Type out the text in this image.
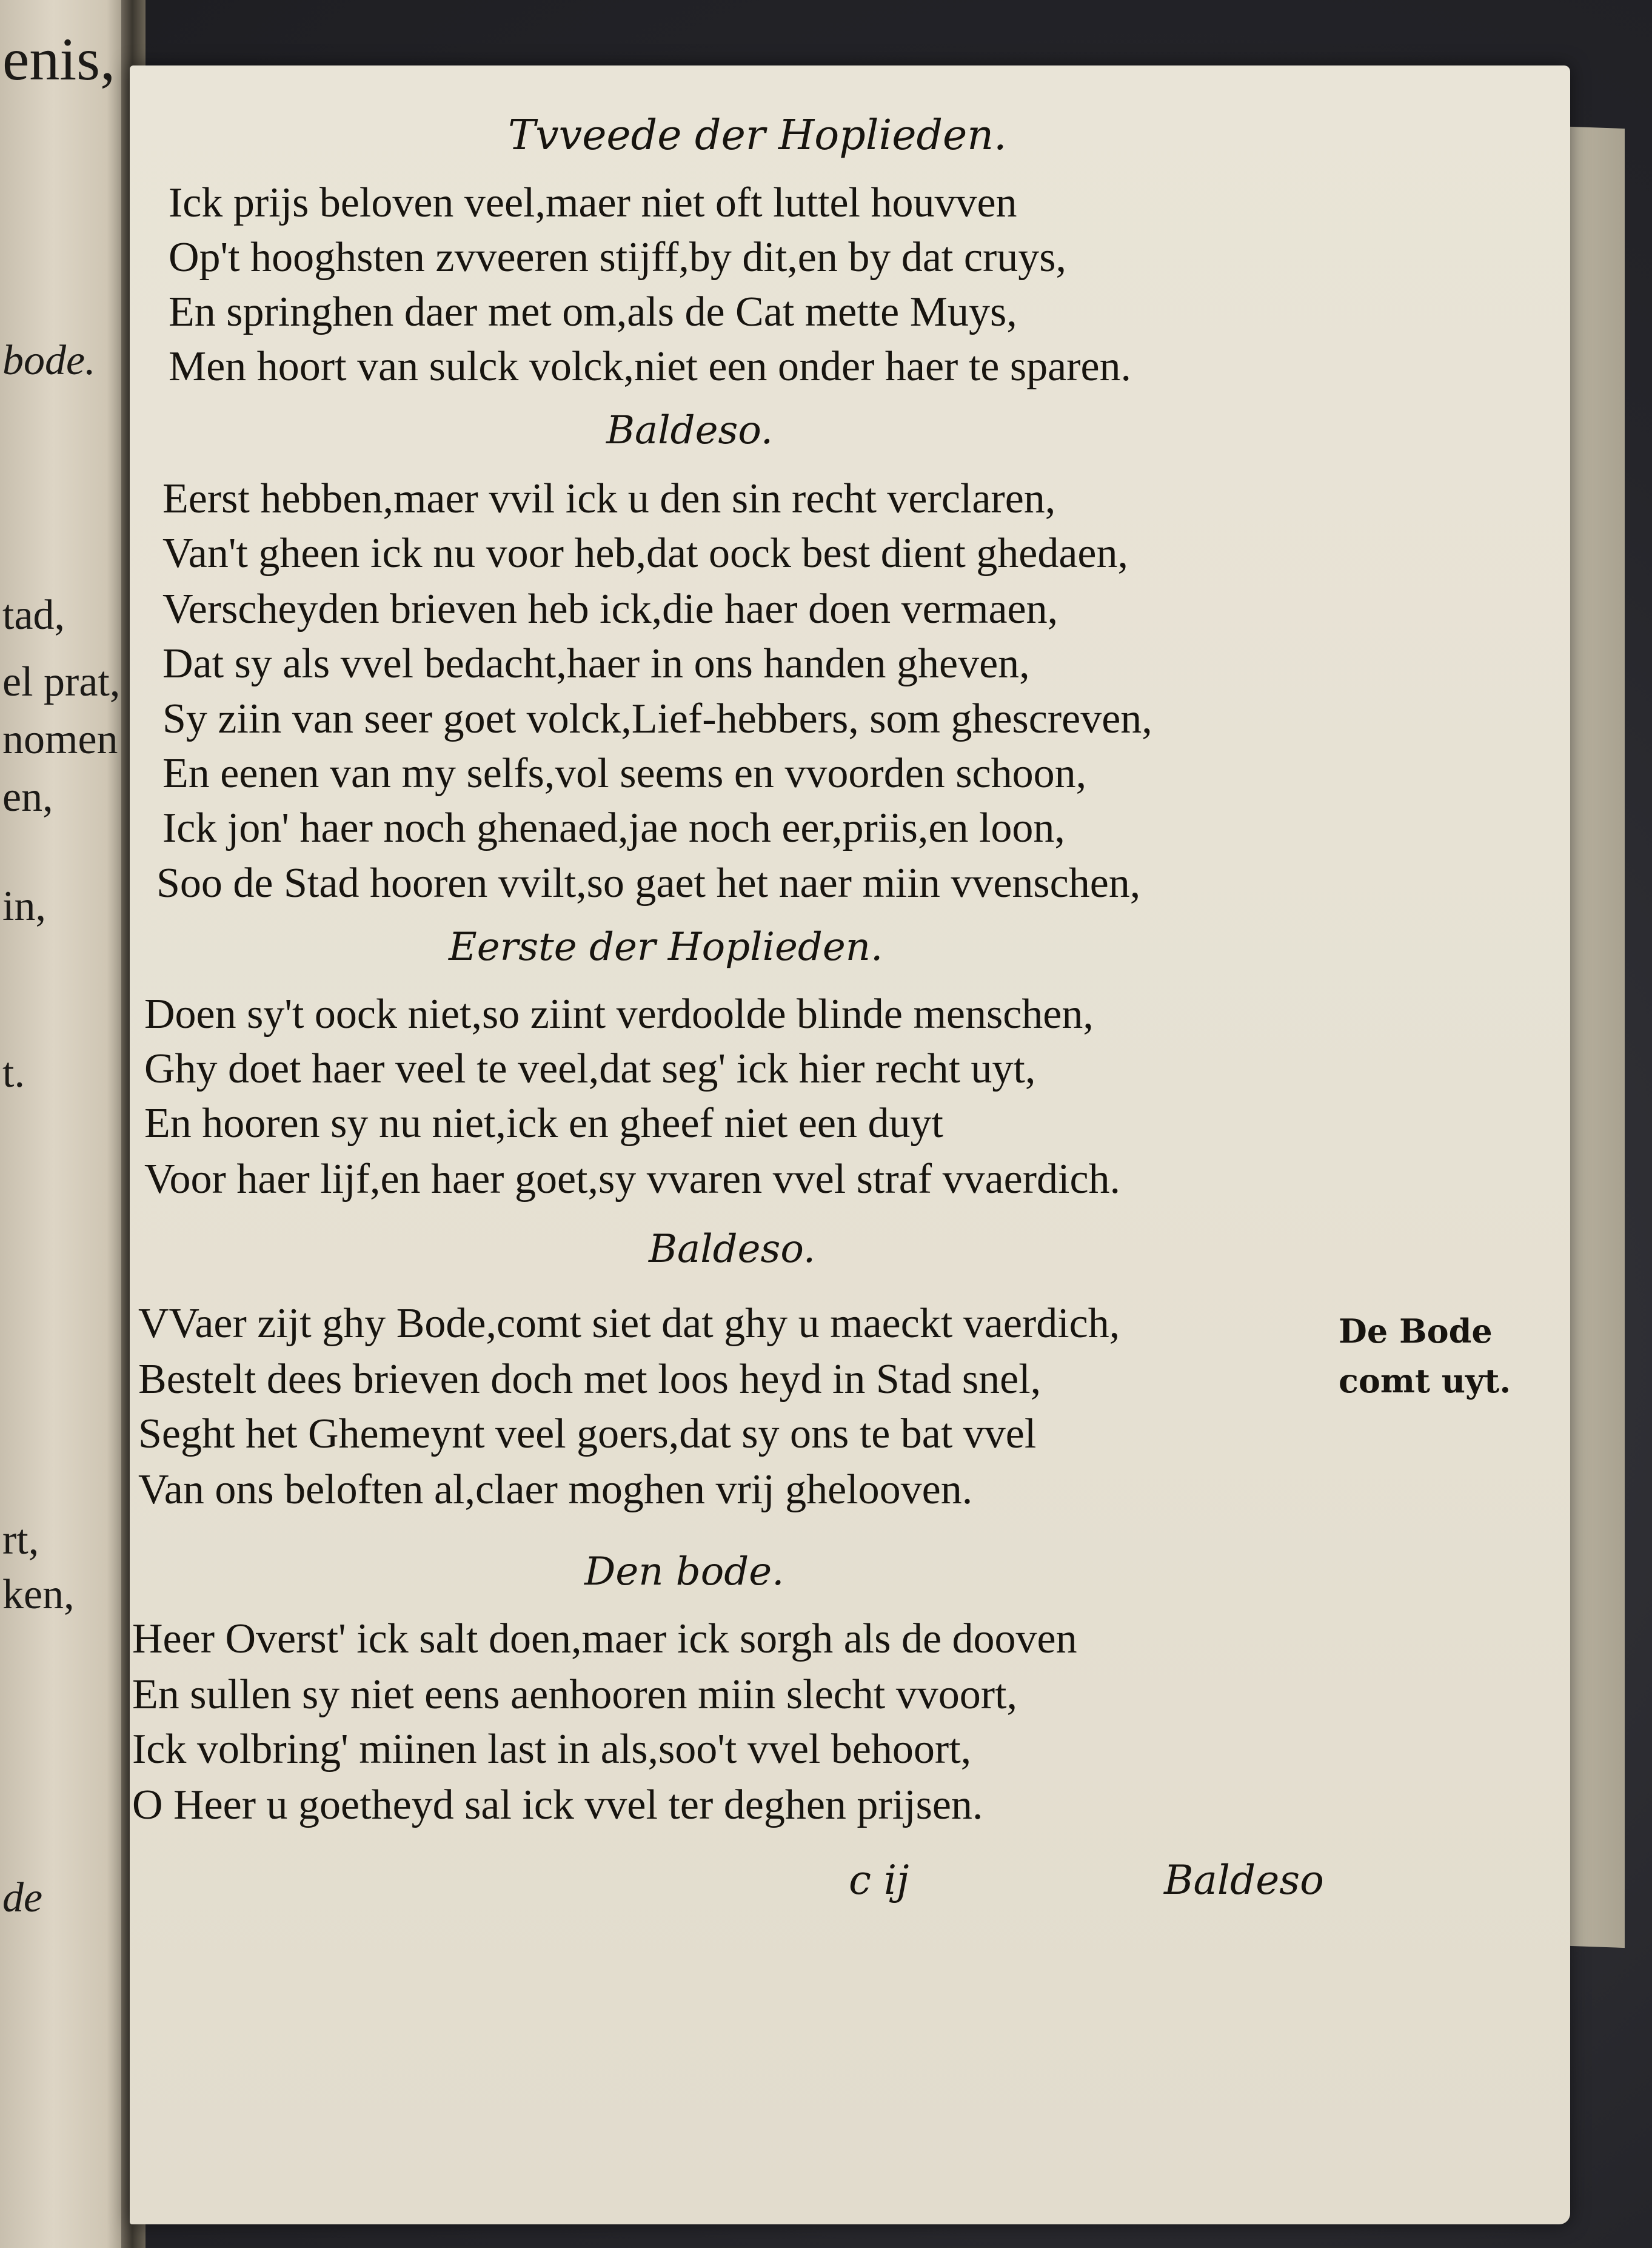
enis,
bode.
tad,
el prat,
nomen
en,
in,
t.
rt,
ken,
de
Tvveede der Hoplieden.
Ick prijs beloven veel,maer niet oft luttel houvven
Op't hooghsten zvveeren stijff,by dit,en by dat cruys,
En springhen daer met om,als de Cat mette Muys,
Men hoort van sulck volck,niet een onder haer te sparen.
Baldeso.
Eerst hebben,maer vvil ick u den sin recht verclaren,
Van't gheen ick nu voor heb,dat oock best dient ghedaen,
Verscheyden brieven heb ick,die haer doen vermaen,
Dat sy als vvel bedacht,haer in ons handen gheven,
Sy ziin van seer goet volck,Lief-hebbers, som ghescreven,
En eenen van my selfs,vol seems en vvoorden schoon,
Ick jon' haer noch ghenaed,jae noch eer,priis,en loon,
Soo de Stad hooren vvilt,so gaet het naer miin vvenschen,
Eerste der Hoplieden.
Doen sy't oock niet,so ziint verdoolde blinde menschen,
Ghy doet haer veel te veel,dat seg' ick hier recht uyt,
En hooren sy nu niet,ick en gheef niet een duyt
Voor haer lijf,en haer goet,sy vvaren vvel straf vvaerdich.
Baldeso.
VVaer zijt ghy Bode,comt siet dat ghy u maeckt vaerdich,
Bestelt dees brieven doch met loos heyd in Stad snel,
Seght het Ghemeynt veel goers,dat sy ons te bat vvel
Van ons beloften al,claer moghen vrij ghelooven.
De Bode
comt uyt.
Den bode.
Heer Overst' ick salt doen,maer ick sorgh als de dooven
En sullen sy niet eens aenhooren miin slecht vvoort,
Ick volbring' miinen last in als,soo't vvel behoort,
O Heer u goetheyd sal ick vvel ter deghen prijsen.
c ij	Baldeso
